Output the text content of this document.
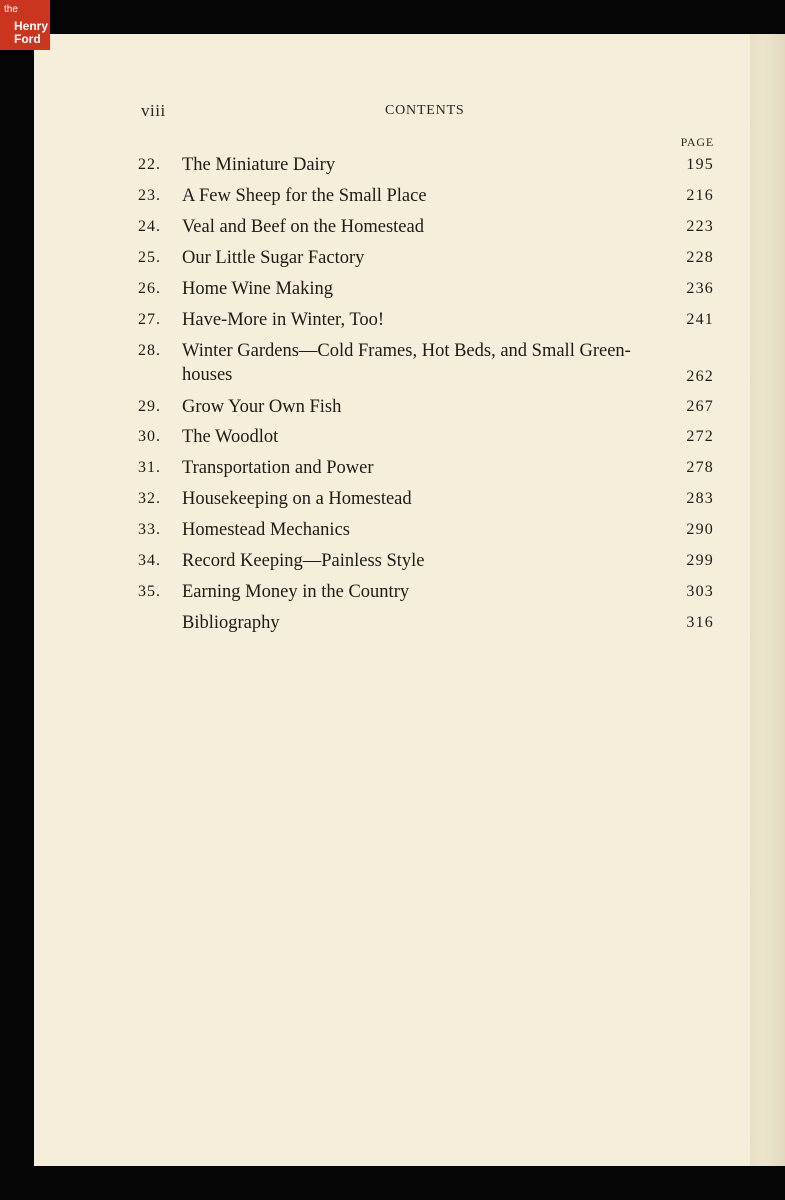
the
Henry
Ford
viii	CONTENTS
PAGE
22. The Miniature Dairy	195
23. A Few Sheep for the Small Place	216
24. Veal and Beef on the Homestead	223
25. Our Little Sugar Factory	228
26. Home Wine Making	236
27. Have-More in Winter, Too!	241
28. Winter Gardens—Cold Frames, Hot Beds, and Small Green-
houses	262
29. Grow Your Own Fish	267
30. The Woodlot	272
31. Transportation and Power	278
32. Housekeeping on a Homestead	283
33. Homestead Mechanics	290
34. Record Keeping—Painless Style	299
35. Earning Money in the Country	303
Bibliography	316
